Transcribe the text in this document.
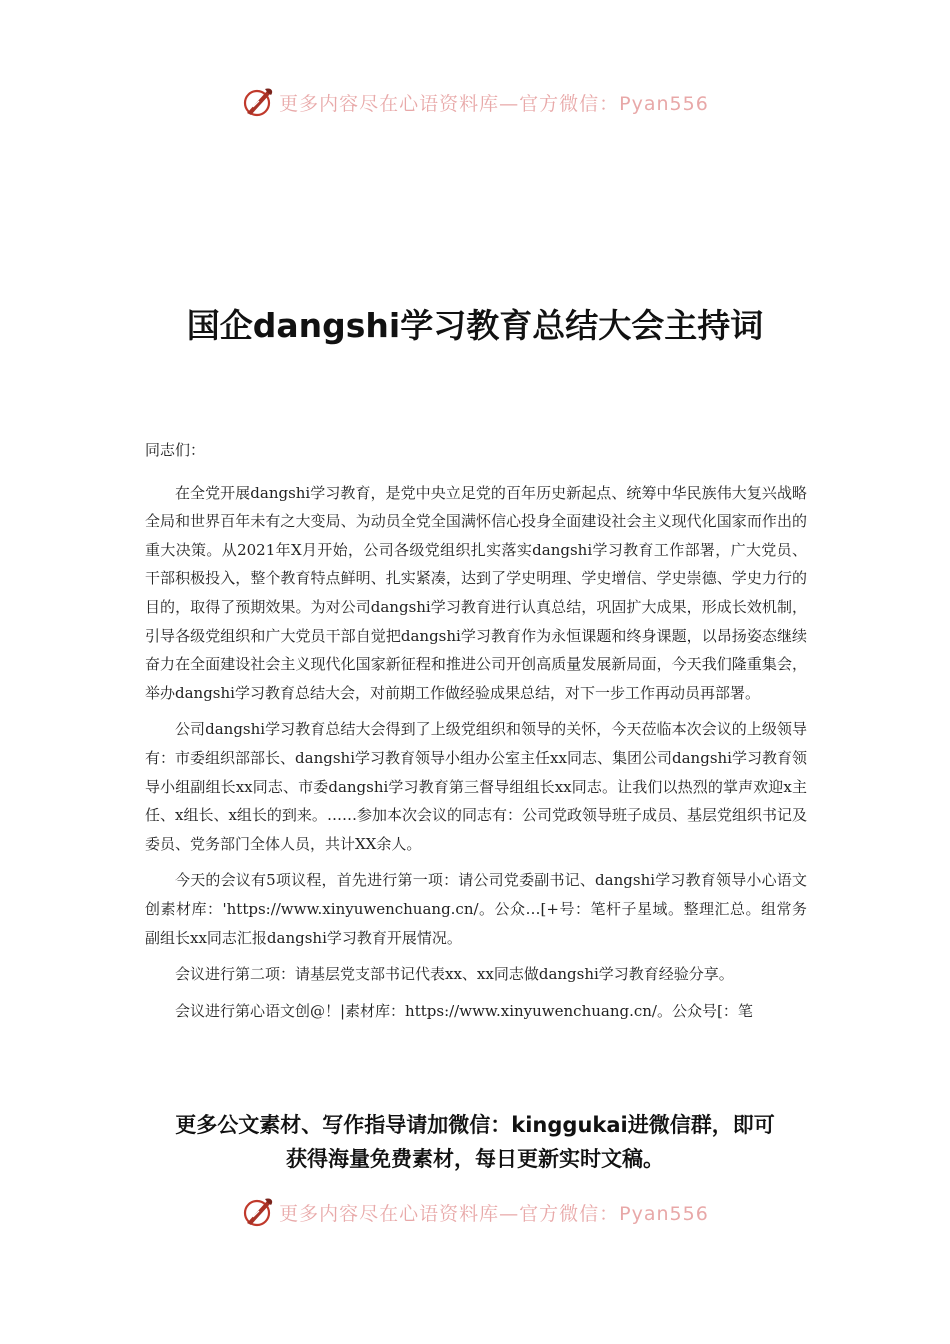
更多内容尽在心语资料库—官方微信：Pyan556
国企dangshi学习教育总结大会主持词

同志们：

在全党开展dangshi学习教育，是党中央立足党的百年历史新起点、统筹中华民族伟大复兴战略全局和世界百年未有之大变局、为动员全党全国满怀信心投身全面建设社会主义现代化国家而作出的重大决策。从2021年X月开始，公司各级党组织扎实落实dangshi学习教育工作部署，广大党员、干部积极投入，整个教育特点鲜明、扎实紧凑，达到了学史明理、学史增信、学史崇德、学史力行的目的，取得了预期效果。为对公司dangshi学习教育进行认真总结，巩固扩大成果，形成长效机制，引导各级党组织和广大党员干部自觉把dangshi学习教育作为永恒课题和终身课题，以昂扬姿态继续奋力在全面建设社会主义现代化国家新征程和推进公司开创高质量发展新局面，今天我们隆重集会，举办dangshi学习教育总结大会，对前期工作做经验成果总结，对下一步工作再动员再部署。

公司dangshi学习教育总结大会得到了上级党组织和领导的关怀，今天莅临本次会议的上级领导有：市委组织部部长、dangshi学习教育领导小组办公室主任xx同志、集团公司dangshi学习教育领导小组副组长xx同志、市委dangshi学习教育第三督导组组长xx同志。让我们以热烈的掌声欢迎x主任、x组长、x组长的到来。……参加本次会议的同志有：公司党政领导班子成员、基层党组织书记及委员、党务部门全体人员，共计XX余人。

今天的会议有5项议程，首先进行第一项：请公司党委副书记、dangshi学习教育领导小心语文创素材库：'https://www.xinyuwenchuang.cn/。公众…[+号：笔杆子星域。整理汇总。组常务副组长xx同志汇报dangshi学习教育开展情况。

会议进行第二项：请基层党支部书记代表xx、xx同志做dangshi学习教育经验分享。

会议进行第心语文创@！|素材库：https://www.xinyuwenchuang.cn/。公众号[：笔

更多公文素材、写作指导请加微信：kinggukai进微信群，即可
获得海量免费素材，每日更新实时文稿。
更多内容尽在心语资料库—官方微信：Pyan556
